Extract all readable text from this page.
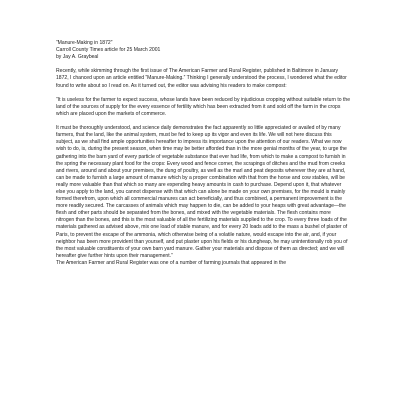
“Manure-Making in 1872”
Carroll County Times article for 25 March 2001
by Jay A. Graybeal

Recently, while skimming through the first issue of The American Farmer and Rural Register, published in Baltimore in January 1872, I chanced upon an article entitled “Manure-Making.” Thinking I generally understood the process, I wondered what the editor found to write about so I read on. As it turned out, the editor was advising his readers to make compost:

“It is useless for the farmer to expect success, whose lands have been reduced by injudicious cropping without suitable return to the land of the sources of supply for the every essence of fertility which has been extracted from it and sold off the farm in the crops which are placed upon the markets of commerce.

It must be thoroughly understood, and science daily demonstrates the fact apparently so little appreciated or availed of by many farmers, that the land, like the animal system, must be fed to keep up its vigor and even its life. We will not here discuss this subject, as we shall find ample opportunities hereafter to impress its importance upon the attention of our readers. What we now wish to do, is, during the present season, when time may be better afforded than in the more genial months of the year, to urge the gathering into the barn yard of every particle of vegetable substance that ever had life, from which to make a compost to furnish in the spring the necessary plant food for the crops: Every wood and fence corner, the scrapings of ditches and the mud from creeks and rivers, around and about your premises, the dung of poultry, as well as the marl and peat deposits wherever they are at hand, can be made to furnish a large amount of manure which by a proper combination with that from the horse and cow stables, will be really more valuable than that which so many are expending heavy amounts in cash to purchase. Depend upon it, that whatever else you apply to the land, you cannot dispense with that which can alone be made on your own premises, for the mould is mainly formed therefrom, upon which all commercial manures can act beneficially, and thus combined, a permanent improvement is the more readily secured. The carcasses of animals which may happen to die, can be added to your heaps with great advantage—the flesh and other parts should be separated from the bones, and mixed with the vegetable materials. The flesh contains more nitrogen than the bones, and this is the most valuable of all the fertilizing materials supplied to the crop. To every three loads of the materials gathered as advised above, mix one load of stable manure, and for every 20 loads add to the mass a bushel of plaster of Paris, to prevent the escape of the ammonia, which otherwise being of a volatile nature, would escape into the air, and, if your neighbor has been more provident than yourself, and put plaster upon his fields or his dungheap, he may unintentionally rob you of the most valuable constituents of your own barn yard manure. Gather your materials and dispose of them as directed; and we will hereafter give further hints upon their management.”

The American Farmer and Rural Register was one of a number of farming journals that appeared in the
